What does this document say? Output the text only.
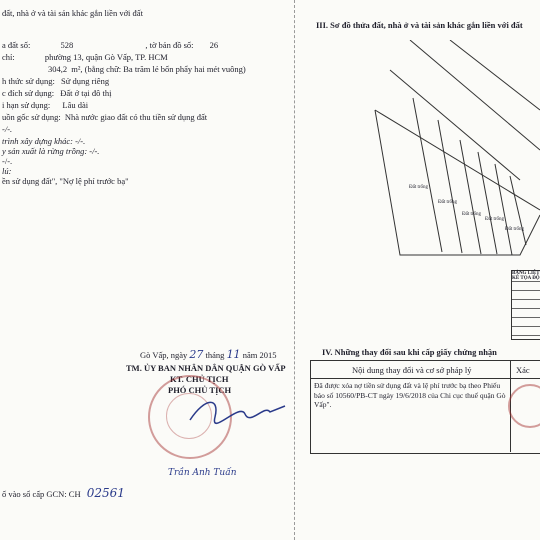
đất, nhà ở và tài sản khác gắn liền với đất
a đất số:	528	, tờ bản đồ số: 26
chỉ:	phường 13, quận Gò Vấp, TP. HCM
304,2 m², (bằng chữ: Ba trăm lẻ bốn phẩy hai mét vuông)
h thức sử dụng: Sử dụng riêng
c đích sử dụng: Đất ở tại đô thị
i hạn sử dụng: Lâu dài
uồn gốc sử dụng: Nhà nước giao đất có thu tiền sử dụng đất
-/-.
trình xây dựng khác: -/-.
y sản xuất là rừng trồng: -/-.
-/-.
lú:
ền sử dụng đất", "Nợ lệ phí trước bạ"
Gò Vấp, ngày 27 tháng 11 năm 2015
TM. ỦY BAN NHÂN DÂN QUẬN GÒ VẤP
KT. CHỦ TỊCH
PHÓ CHỦ TỊCH
Trần Anh Tuấn
ố vào sổ cấp GCN: CH 02561
III. Sơ đồ thửa đất, nhà ở và tài sản khác gắn liền với đất
Đất trống
Đất trống
Đất trống
Đất trống
Đất trống
BẢNG LIỆT KÊ TỌA ĐỘ
IV. Những thay đổi sau khi cấp giấy chứng nhận
Nội dung thay đổi và cơ sở pháp lý	Xác
Đã được xóa nợ tiền sử dụng đất và lệ phí trước bạ theo Phiếu báo số 10560/PB-CT ngày 19/6/2018 của Chi cục thuế quận Gò Vấp".
